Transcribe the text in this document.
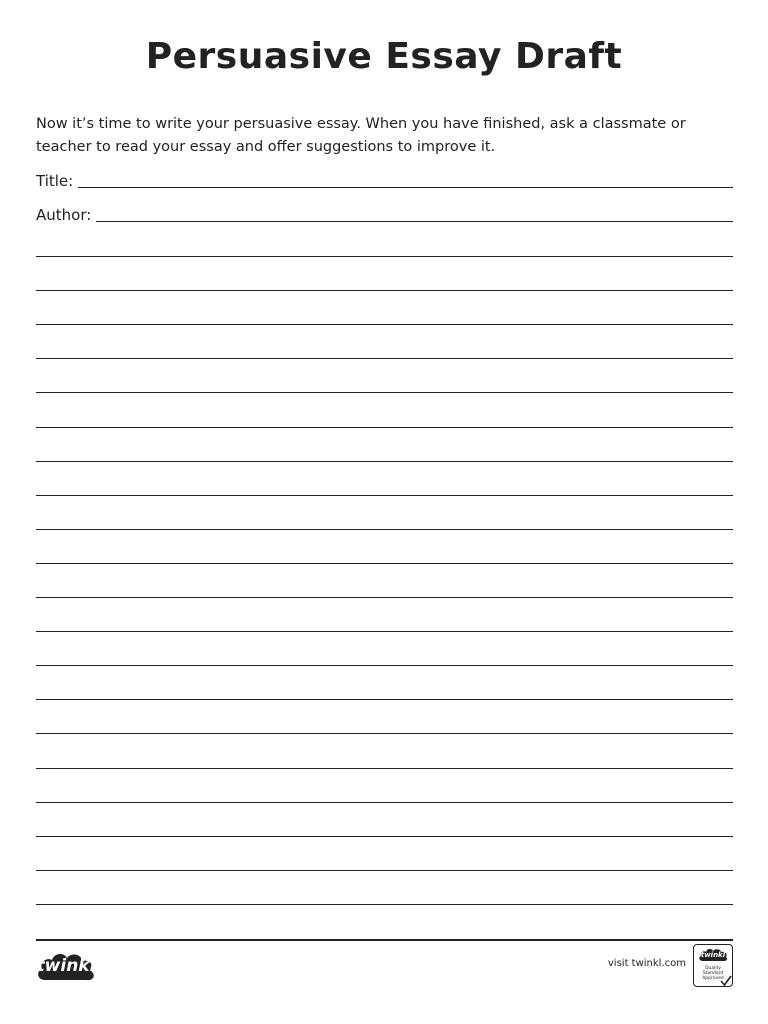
Persuasive Essay Draft
Now it’s time to write your persuasive essay. When you have finished, ask a classmate or teacher to read your essay and offer suggestions to improve it.
Title:
Author:
twinkl	visit twinkl.com
twinkl
Quality Standard
Approved
